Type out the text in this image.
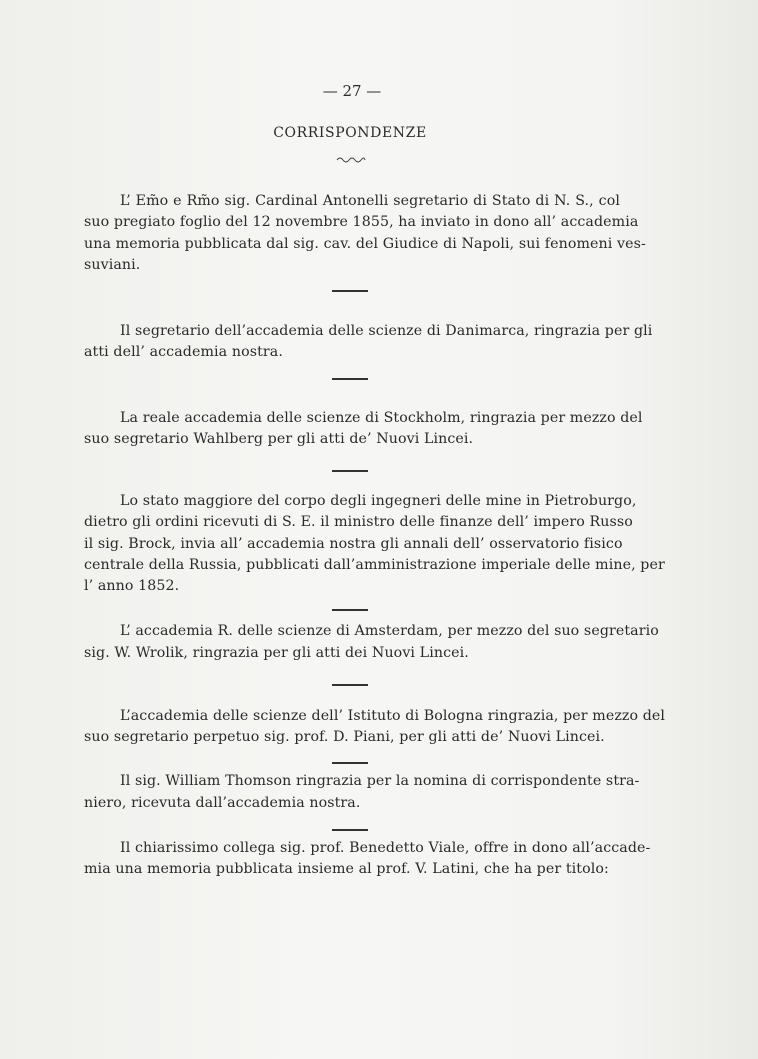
— 27 —
CORRISPONDENZE
L’ Em̃o e Rm̃o sig. Cardinal Antonelli segretario di Stato di N. S., col
suo pregiato foglio del 12 novembre 1855, ha inviato in dono all’ accademia
una memoria pubblicata dal sig. cav. del Giudice di Napoli, sui fenomeni ves-
suviani.
Il segretario dell’accademia delle scienze di Danimarca, ringrazia per gli
atti dell’ accademia nostra.
La reale accademia delle scienze di Stockholm, ringrazia per mezzo del
suo segretario Wahlberg per gli atti de’ Nuovi Lincei.
Lo stato maggiore del corpo degli ingegneri delle mine in Pietroburgo,
dietro gli ordini ricevuti di S. E. il ministro delle finanze dell’ impero Russo
il sig. Brock, invia all’ accademia nostra gli annali dell’ osservatorio fisico
centrale della Russia, pubblicati dall’amministrazione imperiale delle mine, per
l’ anno 1852.
L’ accademia R. delle scienze di Amsterdam, per mezzo del suo segretario
sig. W. Wrolik, ringrazia per gli atti dei Nuovi Lincei.
L’accademia delle scienze dell’ Istituto di Bologna ringrazia, per mezzo del
suo segretario perpetuo sig. prof. D. Piani, per gli atti de’ Nuovi Lincei.
Il sig. William Thomson ringrazia per la nomina di corrispondente stra-
niero, ricevuta dall’accademia nostra.
Il chiarissimo collega sig. prof. Benedetto Viale, offre in dono all’accade-
mia una memoria pubblicata insieme al prof. V. Latini, che ha per titolo:
